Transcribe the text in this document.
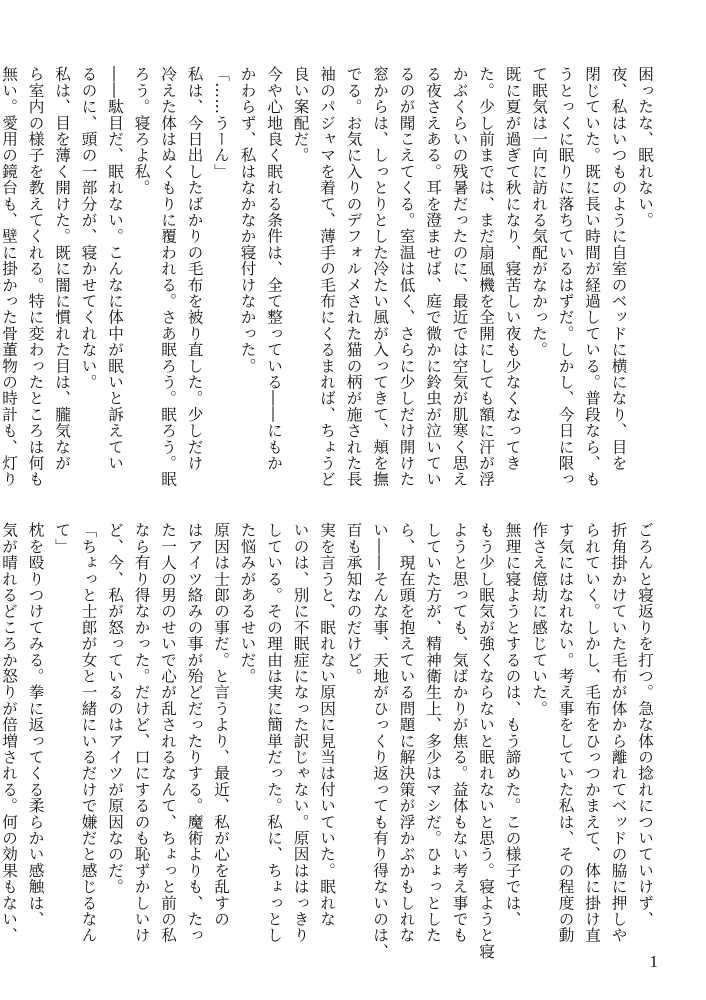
困ったな、眠れない。
夜、私はいつものように自室のベッドに横になり、目を
閉じていた。既に長い時間が経過している。普段なら、も
うとっくに眠りに落ちているはずだ。しかし、今日に限っ
て眠気は一向に訪れる気配がなかった。
既に夏が過ぎて秋になり、寝苦しい夜も少なくなってき
た。少し前までは、まだ扇風機を全開にしても額に汗が浮
かぶくらいの残暑だったのに、最近では空気が肌寒く思え
る夜さえある。耳を澄ませば、庭で微かに鈴虫が泣いてい
るのが聞こえてくる。室温は低く、さらに少しだけ開けた
窓からは、しっとりとした冷たい風が入ってきて、頬を撫
でる。お気に入りのデフォルメされた猫の柄が施された長
袖のパジャマを着て、薄手の毛布にくるまれば、ちょうど
良い案配だ。
今や心地良く眠れる条件は、全て整っている――にもか
かわらず、私はなかなか寝付けなかった。
「……うーん」
私は、今日出したばかりの毛布を被り直した。少しだけ
冷えた体はぬくもりに覆われる。さあ眠ろう。眠ろう。眠
ろう。寝ろよ私。
――駄目だ、眠れない。こんなに体中が眠いと訴えてい
るのに、頭の一部分が、寝かせてくれない。
私は、目を薄く開けた。既に闇に慣れた目は、朧気なが
ら室内の様子を教えてくれる。特に変わったところは何も
無い。愛用の鏡台も、壁に掛かった骨董物の時計も、灯り
ごろんと寝返りを打つ。急な体の捻れについていけず、
折角掛かけていた毛布が体から離れてベッドの脇に押しや
られていく。しかし、毛布をひっつかまえて、体に掛け直
す気にはなれない。考え事をしていた私は、その程度の動
作さえ億劫に感じていた。
無理に寝ようとするのは、もう諦めた。この様子では、
もう少し眠気が強くならないと眠れないと思う。寝ようと寝
ようと思っても、気ばかりが焦る。益体もない考え事でも
していた方が、精神衛生上、多少はマシだ。ひょっとした
ら、現在頭を抱えている問題に解決策が浮かぶかもしれな
い――そんな事、天地がひっくり返っても有り得ないのは、
百も承知なのだけど。
実を言うと、眠れない原因に見当は付いていた。眠れな
いのは、別に不眠症になった訳じゃない。原因ははっきり
している。その理由は実に簡単だった。私に、ちょっとし
た悩みがあるせいだ。
原因は士郎の事だ。と言うより、最近、私が心を乱すの
はアイツ絡みの事が殆どだったりする。魔術よりも、たっ
た一人の男のせいで心が乱されるなんて、ちょっと前の私
なら有り得なかった。だけど、口にするのも恥ずかしいけ
ど、今、私が怒っているのはアイツが原因なのだ。
「ちょっと士郎が女と一緒にいるだけで嫌だと感じるなん
て」
枕を殴りつけてみる。拳に返ってくる柔らかい感触は、
気が晴れるどころか怒りが倍増される。何の効果もない、
1
